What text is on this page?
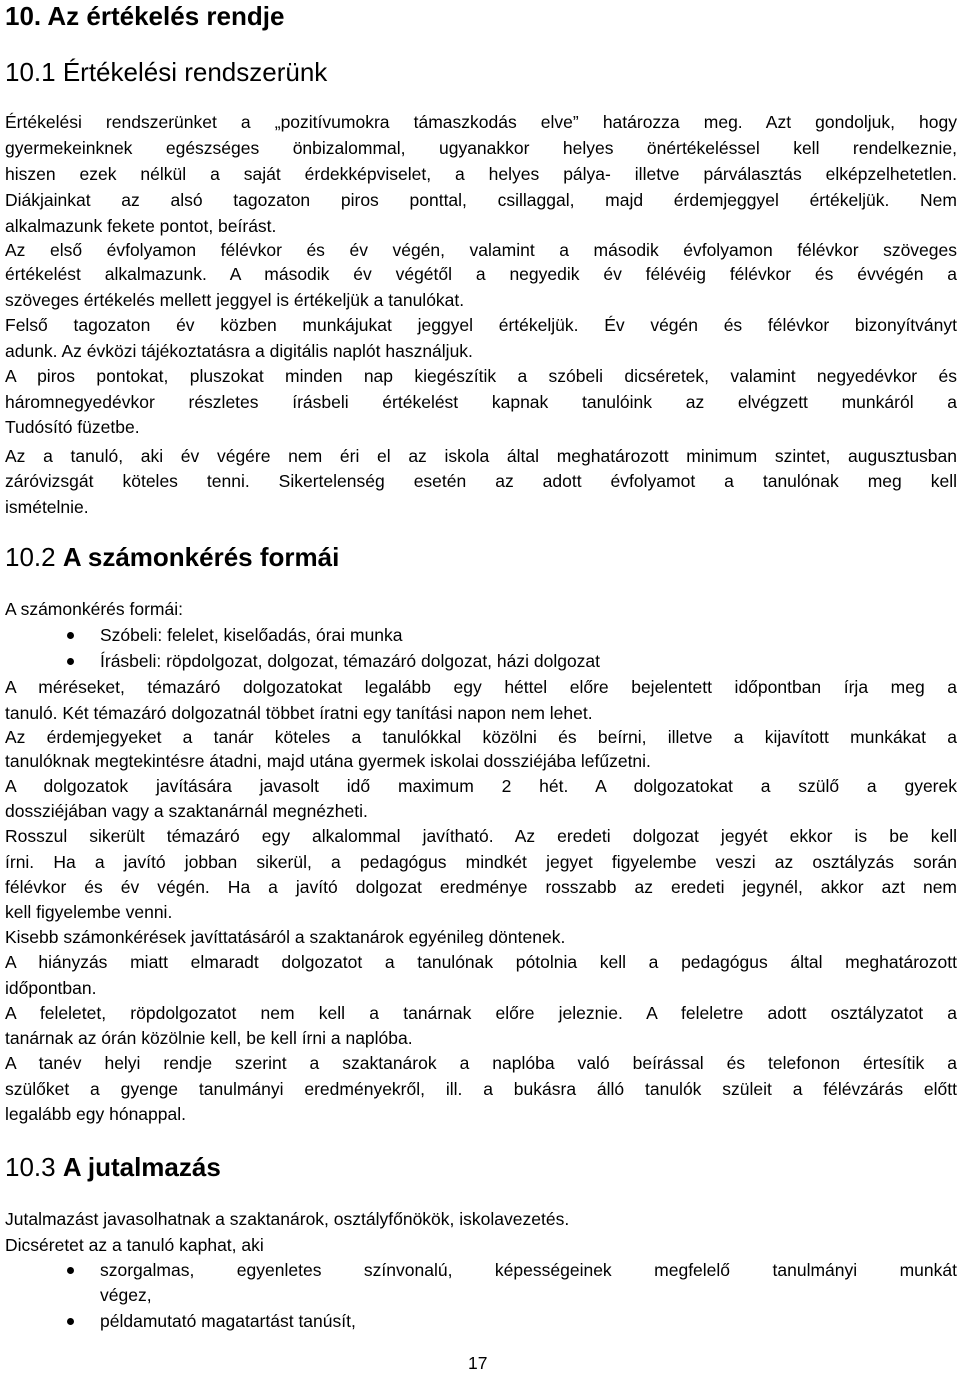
10. Az értékelés rendje
10.1 Értékelési rendszerünk
Értékelési rendszerünket a „pozitívumokra támaszkodás elve” határozza meg. Azt gondoljuk, hogy
gyermekeinknek egészséges önbizalommal, ugyanakkor helyes önértékeléssel kell rendelkeznie,
hiszen ezek nélkül a saját érdekképviselet, a helyes pálya- illetve párválasztás elképzelhetetlen.
Diákjainkat az alsó tagozaton piros ponttal, csillaggal, majd érdemjeggyel értékeljük. Nem
alkalmazunk fekete pontot, beírást.
Az első évfolyamon félévkor és év végén, valamint a második évfolyamon félévkor szöveges
értékelést alkalmazunk. A második év végétől a negyedik év félévéig félévkor és évvégén a
szöveges értékelés mellett jeggyel is értékeljük a tanulókat.
Felső tagozaton év közben munkájukat jeggyel értékeljük. Év végén és félévkor bizonyítványt
adunk. Az évközi tájékoztatásra a digitális naplót használjuk.
A piros pontokat, pluszokat minden nap kiegészítik a szóbeli dicséretek, valamint negyedévkor és
háromnegyedévkor részletes írásbeli értékelést kapnak tanulóink az elvégzett munkáról a
Tudósító füzetbe.
Az a tanuló, aki év végére nem éri el az iskola által meghatározott minimum szintet, augusztusban
záróvizsgát köteles tenni. Sikertelenség esetén az adott évfolyamot a tanulónak meg kell
ismételnie.
10.2 A számonkérés formái
A számonkérés formái:
Szóbeli: felelet, kiselőadás, órai munka
Írásbeli: röpdolgozat, dolgozat, témazáró dolgozat, házi dolgozat
A méréseket, témazáró dolgozatokat legalább egy héttel előre bejelentett időpontban írja meg a
tanuló. Két témazáró dolgozatnál többet íratni egy tanítási napon nem lehet.
Az érdemjegyeket a tanár köteles a tanulókkal közölni és beírni, illetve a kijavított munkákat a
tanulóknak megtekintésre átadni, majd utána gyermek iskolai dossziéjába lefűzetni.
A dolgozatok javítására javasolt idő maximum 2 hét. A dolgozatokat a szülő a gyerek
dossziéjában vagy a szaktanárnál megnézheti.
Rosszul sikerült témazáró egy alkalommal javítható. Az eredeti dolgozat jegyét ekkor is be kell
írni. Ha a javító jobban sikerül, a pedagógus mindkét jegyet figyelembe veszi az osztályzás során
félévkor és év végén. Ha a javító dolgozat eredménye rosszabb az eredeti jegynél, akkor azt nem
kell figyelembe venni.
Kisebb számonkérések javíttatásáról a szaktanárok egyénileg döntenek.
A hiányzás miatt elmaradt dolgozatot a tanulónak pótolnia kell a pedagógus által meghatározott
időpontban.
A feleletet, röpdolgozatot nem kell a tanárnak előre jeleznie. A feleletre adott osztályzatot a
tanárnak az órán közölnie kell, be kell írni a naplóba.
A tanév helyi rendje szerint a szaktanárok a naplóba való beírással és telefonon értesítik a
szülőket a gyenge tanulmányi eredményekről, ill. a bukásra álló tanulók szüleit a félévzárás előtt
legalább egy hónappal.
10.3 A jutalmazás
Jutalmazást javasolhatnak a szaktanárok, osztályfőnökök, iskolavezetés.
Dicséretet az a tanuló kaphat, aki
szorgalmas, egyenletes színvonalú, képességeinek megfelelő tanulmányi munkát
végez,
példamutató magatartást tanúsít,
17
